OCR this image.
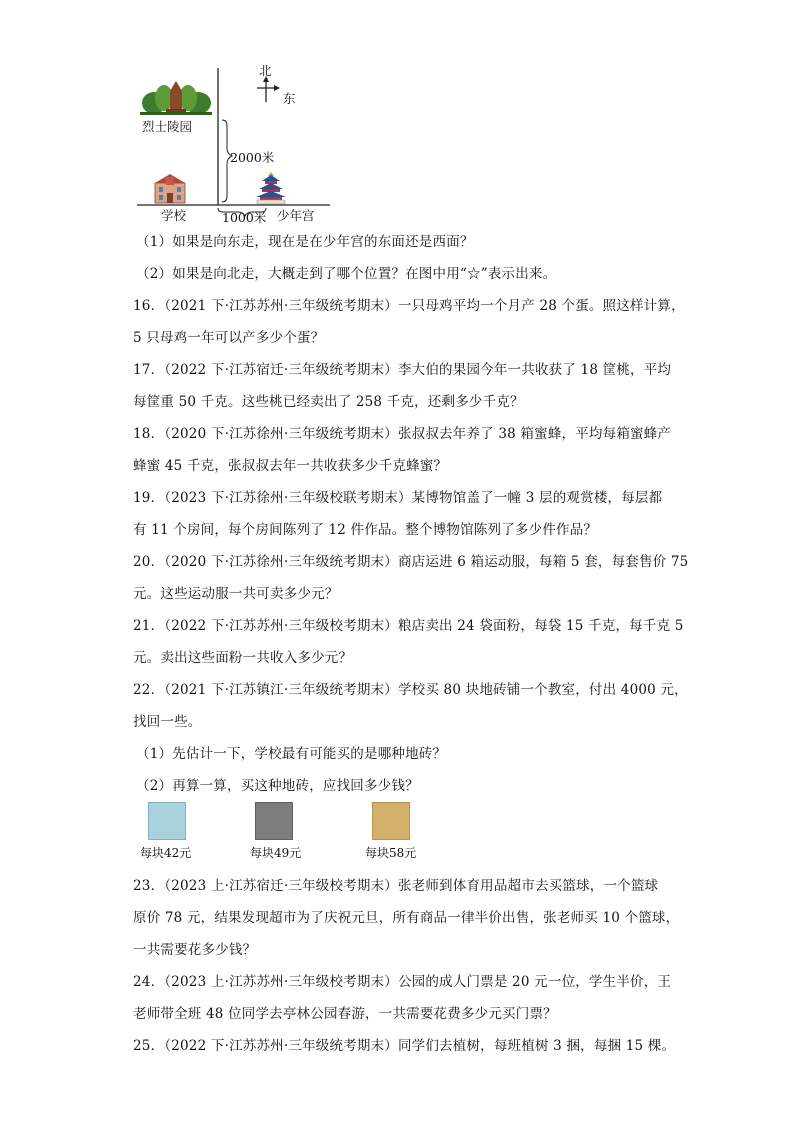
北
东
烈士陵园
学校	少年宫
2000米
1000米
（1）如果是向东走，现在是在少年宫的东面还是西面？
（2）如果是向北走，大概走到了哪个位置？在图中用“☆”表示出来。
16．（2021 下·江苏苏州·三年级统考期末）一只母鸡平均一个月产 28 个蛋。照这样计算，
5 只母鸡一年可以产多少个蛋？
17．（2022 下·江苏宿迁·三年级统考期末）李大伯的果园今年一共收获了 18 筐桃，平均
每筐重 50 千克。这些桃已经卖出了 258 千克，还剩多少千克？
18．（2020 下·江苏徐州·三年级统考期末）张叔叔去年养了 38 箱蜜蜂，平均每箱蜜蜂产
蜂蜜 45 千克，张叔叔去年一共收获多少千克蜂蜜？
19．（2023 下·江苏徐州·三年级校联考期末）某博物馆盖了一幢 3 层的观赏楼，每层都
有 11 个房间，每个房间陈列了 12 件作品。整个博物馆陈列了多少件作品？
20．（2020 下·江苏徐州·三年级统考期末）商店运进 6 箱运动服，每箱 5 套，每套售价 75
元。这些运动服一共可卖多少元？
21．（2022 下·江苏苏州·三年级校考期末）粮店卖出 24 袋面粉，每袋 15 千克，每千克 5
元。卖出这些面粉一共收入多少元？
22．（2021 下·江苏镇江·三年级统考期末）学校买 80 块地砖铺一个教室，付出 4000 元，
找回一些。
（1）先估计一下，学校最有可能买的是哪种地砖？
（2）再算一算，买这种地砖，应找回多少钱？
每块42元	每块49元	每块58元
23．（2023 上·江苏宿迁·三年级校考期末）张老师到体育用品超市去买篮球，一个篮球
原价 78 元，结果发现超市为了庆祝元旦，所有商品一律半价出售，张老师买 10 个篮球，
一共需要花多少钱？
24．（2023 上·江苏苏州·三年级校考期末）公园的成人门票是 20 元一位，学生半价，王
老师带全班 48 位同学去亭林公园春游，一共需要花费多少元买门票？
25．（2022 下·江苏苏州·三年级统考期末）同学们去植树，每班植树 3 捆，每捆 15 棵。
